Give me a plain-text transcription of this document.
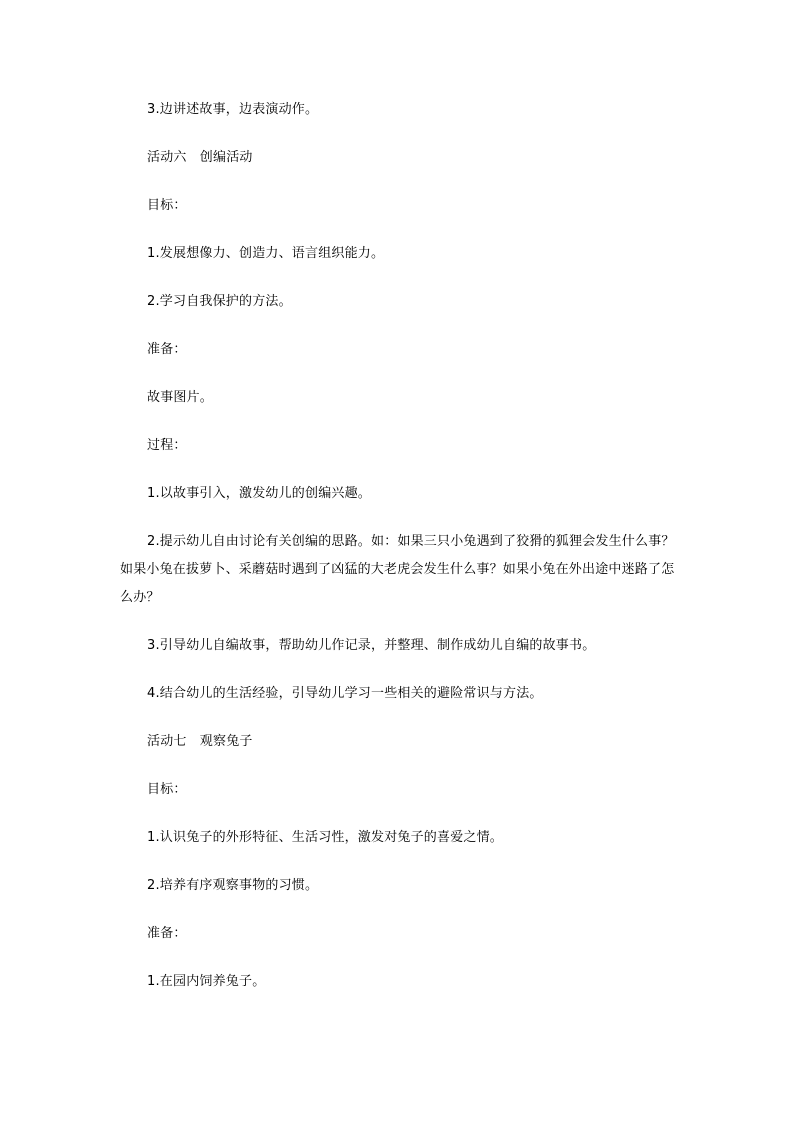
3.边讲述故事，边表演动作。
活动六　创编活动
目标：
1.发展想像力、创造力、语言组织能力。
2.学习自我保护的方法。
准备：
故事图片。
过程：
1.以故事引入，激发幼儿的创编兴趣。
2.提示幼儿自由讨论有关创编的思路。如：如果三只小兔遇到了狡猾的狐狸会发生什么事？
如果小兔在拔萝卜、采蘑菇时遇到了凶猛的大老虎会发生什么事？如果小兔在外出途中迷路了怎
么办？
3.引导幼儿自编故事，帮助幼儿作记录，并整理、制作成幼儿自编的故事书。
4.结合幼儿的生活经验，引导幼儿学习一些相关的避险常识与方法。
活动七　观察兔子
目标：
1.认识兔子的外形特征、生活习性，激发对兔子的喜爱之情。
2.培养有序观察事物的习惯。
准备：
1.在园内饲养兔子。
